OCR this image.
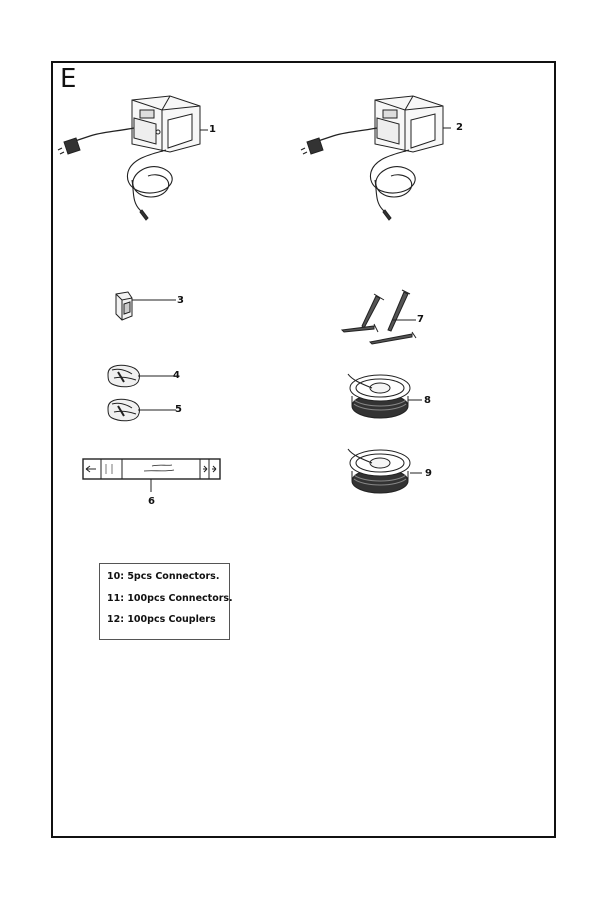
E
1	2
3
4
5
6
7
8
9
10: 5pcs Connectors.
11: 100pcs Connectors.
12: 100pcs Couplers
